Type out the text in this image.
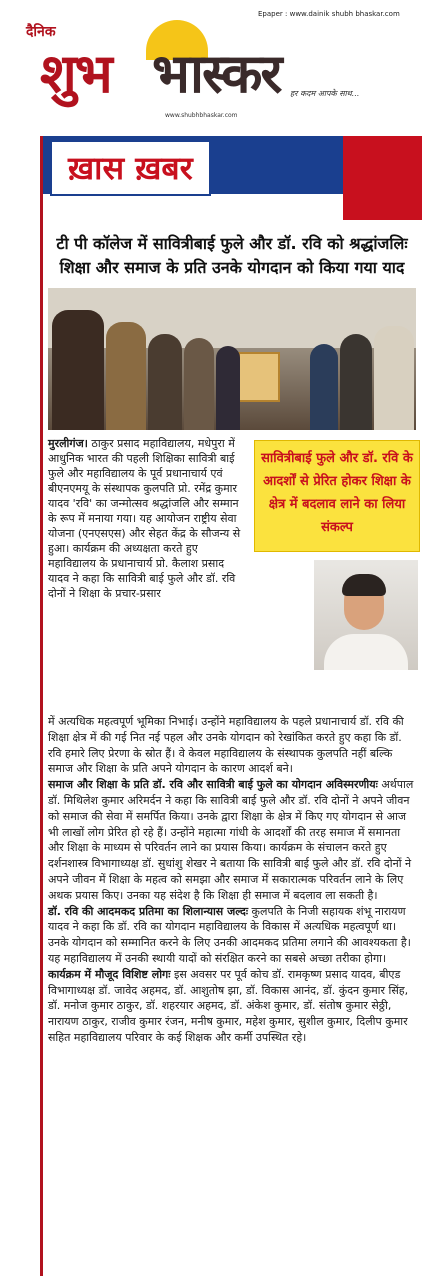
Epaper : www.dainik shubh bhaskar.com
दैनिक
शुभ भास्कर
www.shubhbhaskar.com
हर कदम आपके साथ...
ख़ास ख़बर
टी पी कॉलेज में सावित्रीबाई फुले और डॉ. रवि को श्रद्धांजलिः शिक्षा और समाज के प्रति उनके योगदान को किया गया याद
मुरलीगंज। ठाकुर प्रसाद महाविद्यालय, मधेपुरा में आधुनिक भारत की पहली शिक्षिका सावित्री बाई फुले और महाविद्यालय के पूर्व प्रधानाचार्य एवं बीएनएमयू के संस्थापक कुलपति प्रो. रमेंद्र कुमार यादव 'रवि' का जन्मोत्सव श्रद्धांजलि और सम्मान के रूप में मनाया गया। यह आयोजन राष्ट्रीय सेवा योजना (एनएसएस) और सेहत केंद्र के सौजन्य से हुआ। कार्यक्रम की अध्यक्षता करते हुए महाविद्यालय के प्रधानाचार्य प्रो. कैलाश प्रसाद यादव ने कहा कि सावित्री बाई फुले और डॉ. रवि दोनों ने शिक्षा के प्रचार-प्रसार
सावित्रीबाई फुले और डॉ. रवि के आदर्शों से प्रेरित होकर शिक्षा के क्षेत्र में बदलाव लाने का लिया संकल्प
में अत्यधिक महत्वपूर्ण भूमिका निभाई। उन्होंने महाविद्यालय के पहले प्रधानाचार्य डॉ. रवि की शिक्षा क्षेत्र में की गई नित नई पहल और उनके योगदान को रेखांकित करते हुए कहा कि डॉ. रवि हमारे लिए प्रेरणा के स्रोत हैं। वे केवल महाविद्यालय के संस्थापक कुलपति नहीं बल्कि समाज और शिक्षा के प्रति अपने योगदान के कारण आदर्श बने।
समाज और शिक्षा के प्रति डॉ. रवि और सावित्री बाई फुले का योगदान अविस्मरणीयः अर्थपाल डॉ. मिथिलेश कुमार अरिमर्दन ने कहा कि सावित्री बाई फुले और डॉ. रवि दोनों ने अपने जीवन को समाज की सेवा में समर्पित किया। उनके द्वारा शिक्षा के क्षेत्र में किए गए योगदान से आज भी लाखों लोग प्रेरित हो रहे हैं। उन्होंने महात्मा गांधी के आदर्शों की तरह समाज में समानता और शिक्षा के माध्यम से परिवर्तन लाने का प्रयास किया। कार्यक्रम के संचालन करते हुए दर्शनशास्त्र विभागाध्यक्ष डॉ. सुधांशु शेखर ने बताया कि सावित्री बाई फुले और डॉ. रवि दोनों ने अपने जीवन में शिक्षा के महत्व को समझा और समाज में सकारात्मक परिवर्तन लाने के लिए अथक प्रयास किए। उनका यह संदेश है कि शिक्षा ही समाज में बदलाव ला सकती है।
डॉ. रवि की आदमकद प्रतिमा का शिलान्यास जल्दः कुलपति के निजी सहायक शंभू नारायण यादव ने कहा कि डॉ. रवि का योगदान महाविद्यालय के विकास में अत्यधिक महत्वपूर्ण था। उनके योगदान को सम्मानित करने के लिए उनकी आदमकद प्रतिमा लगाने की आवश्यकता है। यह महाविद्यालय में उनकी स्थायी यादों को संरक्षित करने का सबसे अच्छा तरीका होगा।
कार्यक्रम में मौजूद विशिष्ट लोगः इस अवसर पर पूर्व कोच डॉ. रामकृष्ण प्रसाद यादव, बीएड विभागाध्यक्ष डॉ. जावेद अहमद, डॉ. आशुतोष झा, डॉ. विकास आनंद, डॉ. कुंदन कुमार सिंह, डॉ. मनोज कुमार ठाकुर, डॉ. शहरयार अहमद, डॉ. अंकेश कुमार, डॉ. संतोष कुमार सेठ्ठी, नारायण ठाकुर, राजीव कुमार रंजन, मनीष कुमार, महेश कुमार, सुशील कुमार, दिलीप कुमार सहित महाविद्यालय परिवार के कई शिक्षक और कर्मी उपस्थित रहे।
